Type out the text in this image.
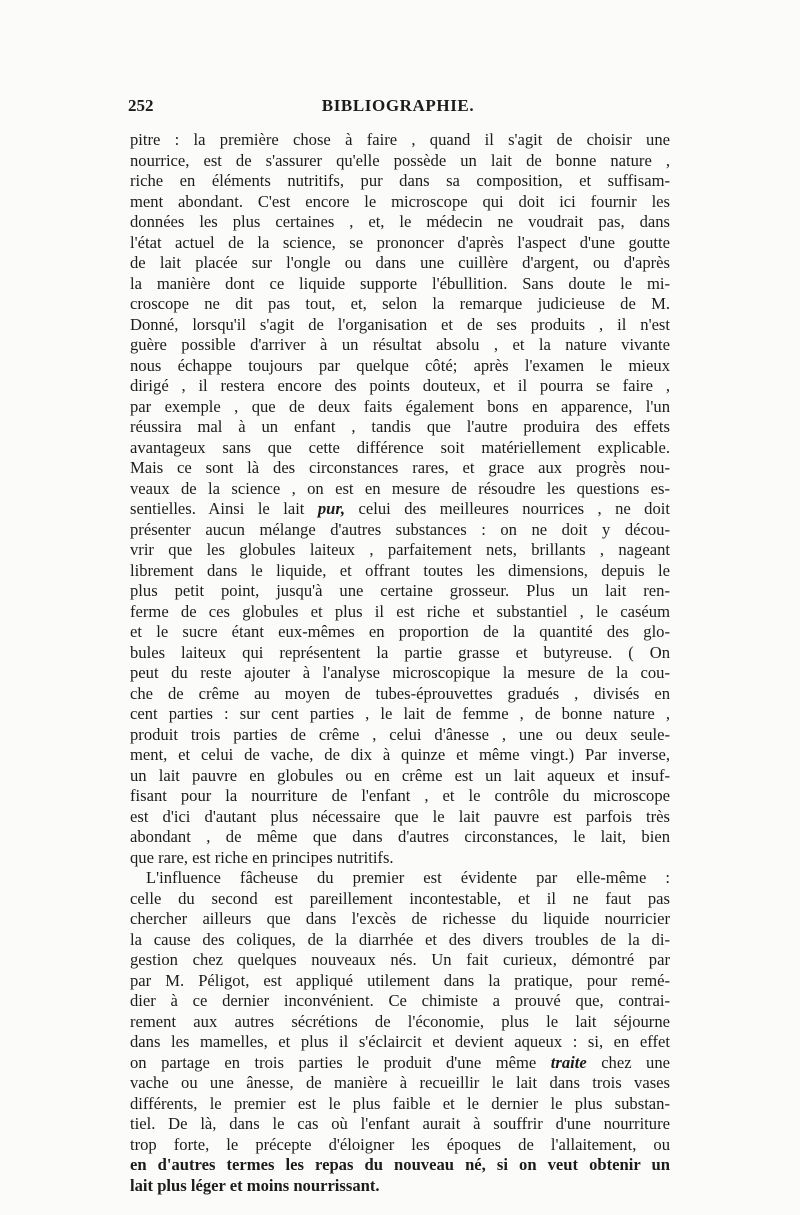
252	BIBLIOGRAPHIE.
pitre : la première chose à faire , quand il s'agit de choisir une
nourrice, est de s'assurer qu'elle possède un lait de bonne nature ,
riche en éléments nutritifs, pur dans sa composition, et suffisam-
ment abondant. C'est encore le microscope qui doit ici fournir les
données les plus certaines , et, le médecin ne voudrait pas, dans
l'état actuel de la science, se prononcer d'après l'aspect d'une goutte
de lait placée sur l'ongle ou dans une cuillère d'argent, ou d'après
la manière dont ce liquide supporte l'ébullition. Sans doute le mi-
croscope ne dit pas tout, et, selon la remarque judicieuse de M.
Donné, lorsqu'il s'agit de l'organisation et de ses produits , il n'est
guère possible d'arriver à un résultat absolu , et la nature vivante
nous échappe toujours par quelque côté; après l'examen le mieux
dirigé , il restera encore des points douteux, et il pourra se faire ,
par exemple , que de deux faits également bons en apparence, l'un
réussira mal à un enfant , tandis que l'autre produira des effets
avantageux sans que cette différence soit matériellement explicable.
Mais ce sont là des circonstances rares, et grace aux progrès nou-
veaux de la science , on est en mesure de résoudre les questions es-
sentielles. Ainsi le lait pur, celui des meilleures nourrices , ne doit
présenter aucun mélange d'autres substances : on ne doit y décou-
vrir que les globules laiteux , parfaitement nets, brillants , nageant
librement dans le liquide, et offrant toutes les dimensions, depuis le
plus petit point, jusqu'à une certaine grosseur. Plus un lait ren-
ferme de ces globules et plus il est riche et substantiel , le caséum
et le sucre étant eux-mêmes en proportion de la quantité des glo-
bules laiteux qui représentent la partie grasse et butyreuse. ( On
peut du reste ajouter à l'analyse microscopique la mesure de la cou-
che de crême au moyen de tubes-éprouvettes gradués , divisés en
cent parties : sur cent parties , le lait de femme , de bonne nature ,
produit trois parties de crême , celui d'ânesse , une ou deux seule-
ment, et celui de vache, de dix à quinze et même vingt.) Par inverse,
un lait pauvre en globules ou en crême est un lait aqueux et insuf-
fisant pour la nourriture de l'enfant , et le contrôle du microscope
est d'ici d'autant plus nécessaire que le lait pauvre est parfois très
abondant , de même que dans d'autres circonstances, le lait, bien
que rare, est riche en principes nutritifs.
L'influence fâcheuse du premier est évidente par elle-même :
celle du second est pareillement incontestable, et il ne faut pas
chercher ailleurs que dans l'excès de richesse du liquide nourricier
la cause des coliques, de la diarrhée et des divers troubles de la di-
gestion chez quelques nouveaux nés. Un fait curieux, démontré par
par M. Péligot, est appliqué utilement dans la pratique, pour remé-
dier à ce dernier inconvénient. Ce chimiste a prouvé que, contrai-
rement aux autres sécrétions de l'économie, plus le lait séjourne
dans les mamelles, et plus il s'éclaircit et devient aqueux : si, en effet
on partage en trois parties le produit d'une même traite chez une
vache ou une ânesse, de manière à recueillir le lait dans trois vases
différents, le premier est le plus faible et le dernier le plus substan-
tiel. De là, dans le cas où l'enfant aurait à souffrir d'une nourriture
trop forte, le précepte d'éloigner les époques de l'allaitement, ou
en d'autres termes les repas du nouveau né, si on veut obtenir un
lait plus léger et moins nourrissant.
